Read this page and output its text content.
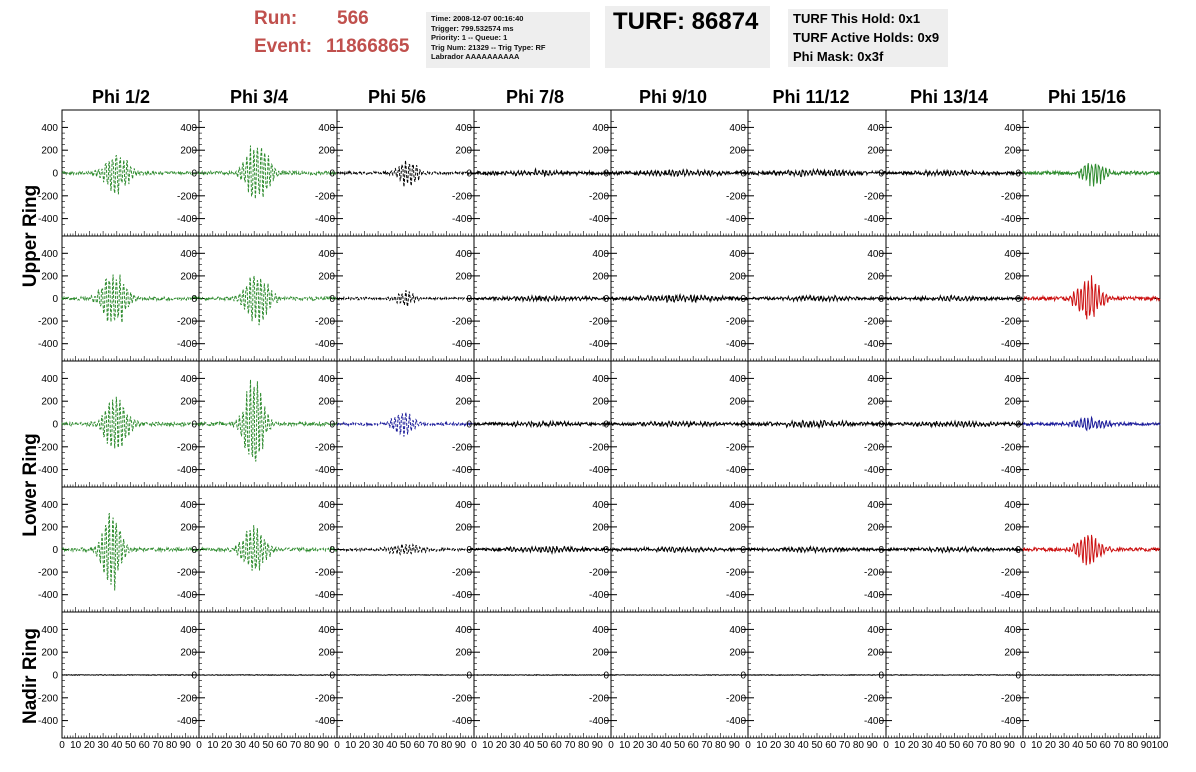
Run: 566
Event: 11866865
Time: 2008-12-07 00:16:40
Trigger: 799.532574 ms
Priority: 1 -- Queue: 1
Trig Num: 21329 -- Trig Type: RF
Labrador AAAAAAAAAA
TURF: 86874	TURF This Hold: 0x1
TURF Active Holds: 0x9
Phi Mask: 0x3f
Phi 1/2	Phi 3/4	Phi 5/6	Phi 7/8	Phi 9/10	Phi 11/12	Phi 13/14	Phi 15/16
Upper Ring
Lower Ring
Nadir Ring
-400
-200
0
200
400
-400
-200
0
200
400
-400
-200
0
200
400
-400
-200
0
200
400
-400
-200
0
200
400
-400
-200
0
200
400
-400
-200
0
200
400
-400
-200
0
200
400
-400
-200
0
200
400
-400
-200
0
200
400
-400
-200
0
200
400
-400
-200
0
200
400
-400
-200
0
200
400
-400
-200
0
200
400
-400
-200
0
200
400
-400
-200
0
200
400
-400
-200
0
200
400
-400
-200
0
200
400
-400
-200
0
200
400
-400
-200
0
200
400
-400
-200
0
200
400
-400
-200
0
200
400
-400
-200
0
200
400
-400
-200
0
200
400
-400
-200
0
200
400
-400
-200
0
200
400
-400
-200
0
200
400
-400
-200
0
200
400
-400
-200
0
200
400
-400
-200
0
200
400
-400
-200
0
200
400
-400
-200
0
200
400
-400
-200
0
200
400
-400
-200
0
200
400
-400
-200
0
200
400
-400
-200
0
200
400
-400
-200
0
200
400
-400
-200
0
200
400
-400
-200
0
200
400
-400
-200
0
200
400
0 10 20 30 40 50 60 70 80 90 0 10 20 30 40 50 60 70 80 90 0 10 20 30 40 50 60 70 80 90 0 10 20 30 40 50 60 70 80 90 0 10 20 30 40 50 60 70 80 90 0 10 20 30 40 50 60 70 80 90 0 10 20 30 40 50 60 70 80 90 0 10 20 30 40 50 60 70 80 90 100
